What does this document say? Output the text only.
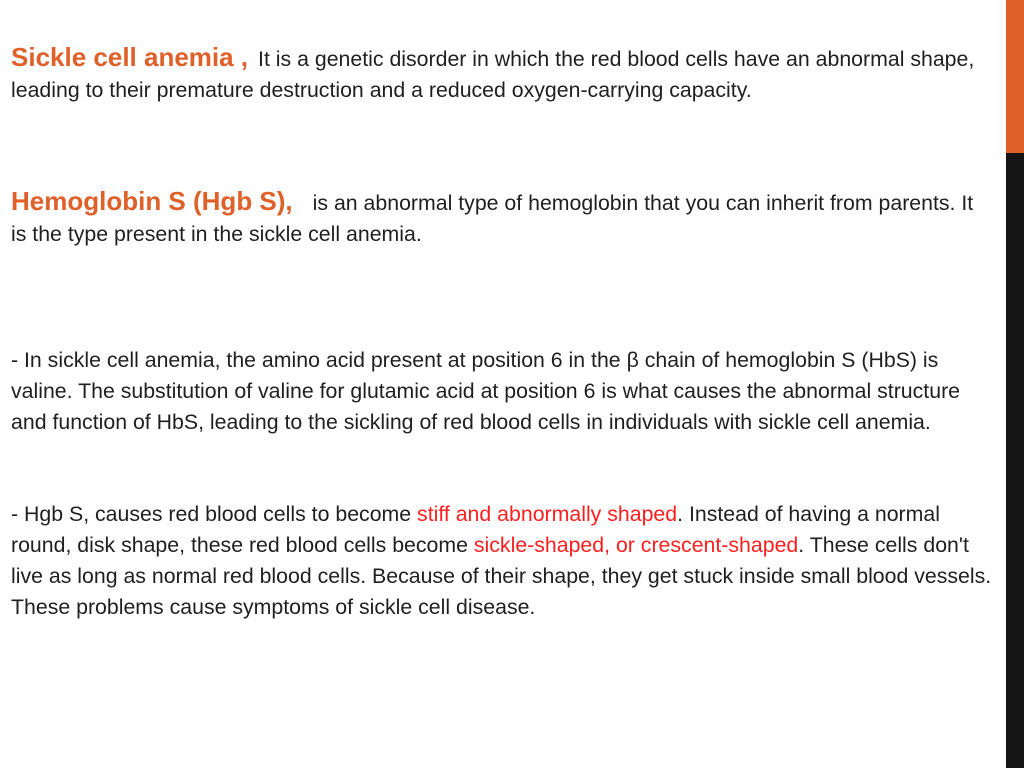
Sickle cell anemia , It is a genetic disorder in which the red blood cells have an abnormal shape, leading to their premature destruction and a reduced oxygen-carrying capacity.

Hemoglobin S (Hgb S), is an abnormal type of hemoglobin that you can inherit from parents. It is the type present in the sickle cell anemia.

- In sickle cell anemia, the amino acid present at position 6 in the β chain of hemoglobin S (HbS) is valine. The substitution of valine for glutamic acid at position 6 is what causes the abnormal structure and function of HbS, leading to the sickling of red blood cells in individuals with sickle cell anemia.

- Hgb S, causes red blood cells to become stiff and abnormally shaped. Instead of having a normal round, disk shape, these red blood cells become sickle-shaped, or crescent-shaped. These cells don't live as long as normal red blood cells. Because of their shape, they get stuck inside small blood vessels. These problems cause symptoms of sickle cell disease.
